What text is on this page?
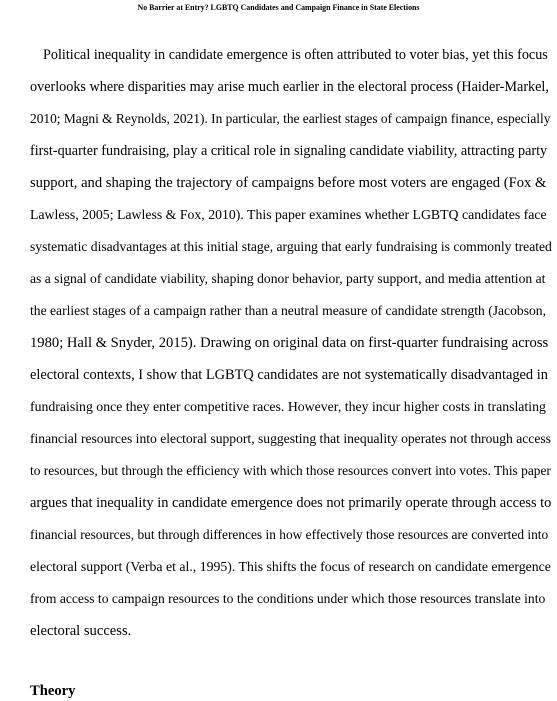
No Barrier at Entry? LGBTQ Candidates and Campaign Finance in State Elections
Political inequality in candidate emergence is often attributed to voter bias, yet this focus
overlooks where disparities may arise much earlier in the electoral process (Haider-Markel,
2010; Magni & Reynolds, 2021). In particular, the earliest stages of campaign finance, especially
first-quarter fundraising, play a critical role in signaling candidate viability, attracting party
support, and shaping the trajectory of campaigns before most voters are engaged (Fox &
Lawless, 2005; Lawless & Fox, 2010). This paper examines whether LGBTQ candidates face
systematic disadvantages at this initial stage, arguing that early fundraising is commonly treated
as a signal of candidate viability, shaping donor behavior, party support, and media attention at
the earliest stages of a campaign rather than a neutral measure of candidate strength (Jacobson,
1980; Hall & Snyder, 2015). Drawing on original data on first-quarter fundraising across
electoral contexts, I show that LGBTQ candidates are not systematically disadvantaged in
fundraising once they enter competitive races. However, they incur higher costs in translating
financial resources into electoral support, suggesting that inequality operates not through access
to resources, but through the efficiency with which those resources convert into votes. This paper
argues that inequality in candidate emergence does not primarily operate through access to
financial resources, but through differences in how effectively those resources are converted into
electoral support (Verba et al., 1995). This shifts the focus of research on candidate emergence
from access to campaign resources to the conditions under which those resources translate into
electoral success.
Theory
